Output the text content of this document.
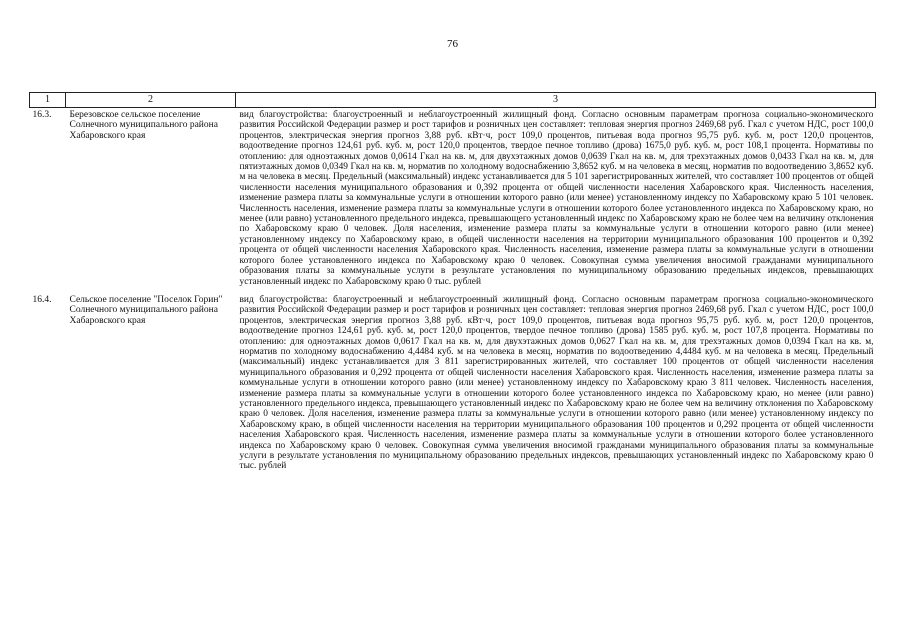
76
1	2	3
16.3.	Березовское сельское поселение Солнечного муниципального района Хабаровского края	вид благоустройства: благоустроенный и неблагоустроенный жилищный фонд. Согласно основным параметрам прогноза социально-экономического развития Российской Федерации размер и рост тарифов и розничных цен составляет: тепловая энергия прогноз 2469,68 руб. Гкал с учетом НДС, рост 100,0 процентов, электрическая энергия прогноз 3,88 руб. кВт·ч, рост 109,0 процентов, питьевая вода прогноз 95,75 руб. куб. м, рост 120,0 процентов, водоотведение прогноз 124,61 руб. куб. м, рост 120,0 процентов, твердое печное топливо (дрова) 1675,0 руб. куб. м, рост 108,1 процента. Нормативы по отоплению: для одноэтажных домов 0,0614 Гкал на кв. м, для двухэтажных домов 0,0639 Гкал на кв. м, для трехэтажных домов 0,0433 Гкал на кв. м, для пятиэтажных домов 0,0349 Гкал на кв. м, норматив по холодному водоснабжению 3,8652 куб. м на человека в месяц, норматив по водоотведению 3,8652 куб. м на человека в месяц. Предельный (максимальный) индекс устанавливается для 5 101 зарегистрированных жителей, что составляет 100 процентов от общей численности населения муниципального образования и 0,392 процента от общей численности населения Хабаровского края. Численность населения, изменение размера платы за коммунальные услуги в отношении которого равно (или менее) установленному индексу по Хабаровскому краю 5 101 человек. Численность населения, изменение размера платы за коммунальные услуги в отношении которого более установленного индекса по Хабаровскому краю, но менее (или равно) установленного предельного индекса, превышающего установленный индекс по Хабаровскому краю не более чем на величину отклонения по Хабаровскому краю 0 человек. Доля населения, изменение размера платы за коммунальные услуги в отношении которого равно (или менее) установленному индексу по Хабаровскому краю, в общей численности населения на территории муниципального образования 100 процентов и 0,392 процента от общей численности населения Хабаровского края. Численность населения, изменение размера платы за коммунальные услуги в отношении которого более установленного индекса по Хабаровскому краю 0 человек. Совокупная сумма увеличения вносимой гражданами муниципального образования платы за коммунальные услуги в результате установления по муниципальному образованию предельных индексов, превышающих установленный индекс по Хабаровскому краю 0 тыс. рублей
16.4.	Сельское поселение "Поселок Горин" Солнечного муниципального района Хабаровского края	вид благоустройства: благоустроенный и неблагоустроенный жилищный фонд. Согласно основным параметрам прогноза социально-экономического развития Российской Федерации размер и рост тарифов и розничных цен составляет: тепловая энергия прогноз 2469,68 руб. Гкал с учетом НДС, рост 100,0 процентов, электрическая энергия прогноз 3,88 руб. кВт·ч, рост 109,0 процентов, питьевая вода прогноз 95,75 руб. куб. м, рост 120,0 процентов, водоотведение прогноз 124,61 руб. куб. м, рост 120,0 процентов, твердое печное топливо (дрова) 1585 руб. куб. м, рост 107,8 процента. Нормативы по отоплению: для одноэтажных домов 0,0617 Гкал на кв. м, для двухэтажных домов 0,0627 Гкал на кв. м, для трехэтажных домов 0,0394 Гкал на кв. м, норматив по холодному водоснабжению 4,4484 куб. м на человека в месяц, норматив по водоотведению 4,4484 куб. м на человека в месяц. Предельный (максимальный) индекс устанавливается для 3 811 зарегистрированных жителей, что составляет 100 процентов от общей численности населения муниципального образования и 0,292 процента от общей численности населения Хабаровского края. Численность населения, изменение размера платы за коммунальные услуги в отношении которого равно (или менее) установленному индексу по Хабаровскому краю 3 811 человек. Численность населения, изменение размера платы за коммунальные услуги в отношении которого более установленного индекса по Хабаровскому краю, но менее (или равно) установленного предельного индекса, превышающего установленный индекс по Хабаровскому краю не более чем на величину отклонения по Хабаровскому краю 0 человек. Доля населения, изменение размера платы за коммунальные услуги в отношении которого равно (или менее) установленному индексу по Хабаровскому краю, в общей численности населения на территории муниципального образования 100 процентов и 0,292 процента от общей численности населения Хабаровского края. Численность населения, изменение размера платы за коммунальные услуги в отношении которого более установленного индекса по Хабаровскому краю 0 человек. Совокупная сумма увеличения вносимой гражданами муниципального образования платы за коммунальные услуги в результате установления по муниципальному образованию предельных индексов, превышающих установленный индекс по Хабаровскому краю 0 тыс. рублей
